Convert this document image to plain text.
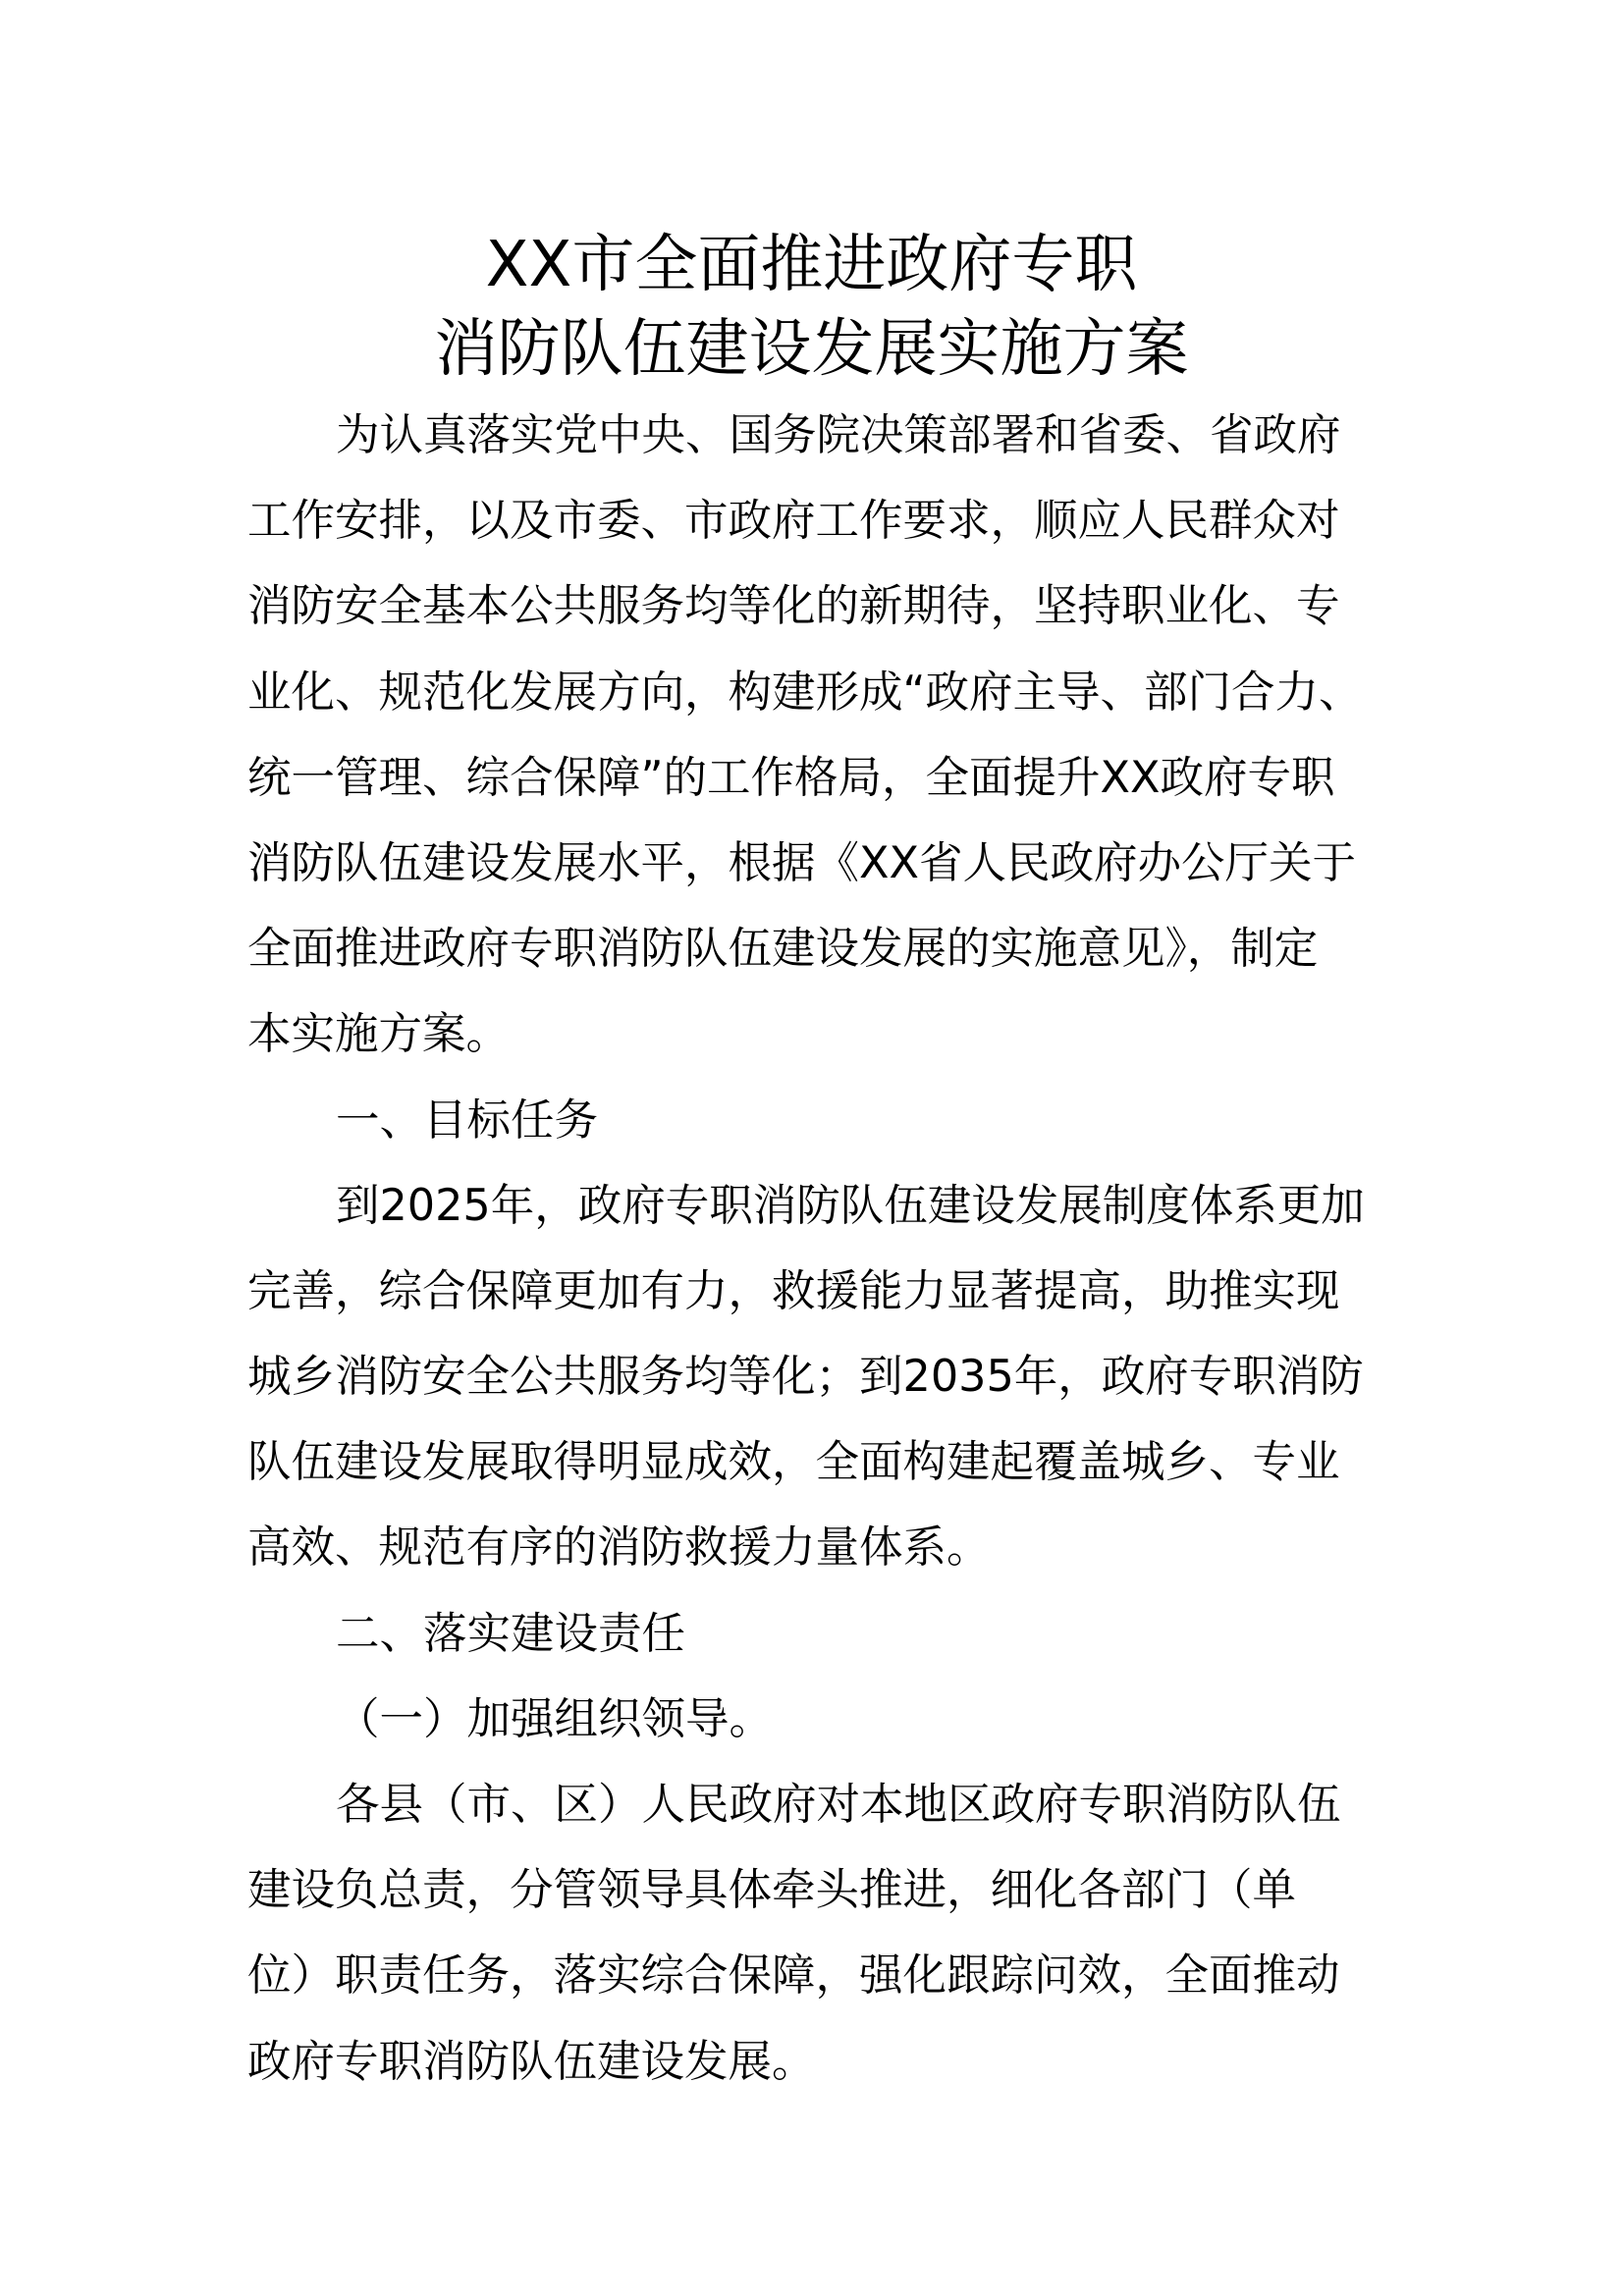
XX市全面推进政府专职
消防队伍建设发展实施方案
为认真落实党中央、国务院决策部署和省委、省政府
工作安排，以及市委、市政府工作要求，顺应人民群众对
消防安全基本公共服务均等化的新期待，坚持职业化、专
业化、规范化发展方向，构建形成“政府主导、部门合力、
统一管理、综合保障”的工作格局，全面提升XX政府专职
消防队伍建设发展水平，根据《XX省人民政府办公厅关于
全面推进政府专职消防队伍建设发展的实施意见》，制定
本实施方案。
一、目标任务
到2025年，政府专职消防队伍建设发展制度体系更加
完善，综合保障更加有力，救援能力显著提高，助推实现
城乡消防安全公共服务均等化；到2035年，政府专职消防
队伍建设发展取得明显成效，全面构建起覆盖城乡、专业
高效、规范有序的消防救援力量体系。
二、落实建设责任
（一）加强组织领导。
各县（市、区）人民政府对本地区政府专职消防队伍
建设负总责，分管领导具体牵头推进，细化各部门（单
位）职责任务，落实综合保障，强化跟踪问效，全面推动
政府专职消防队伍建设发展。
